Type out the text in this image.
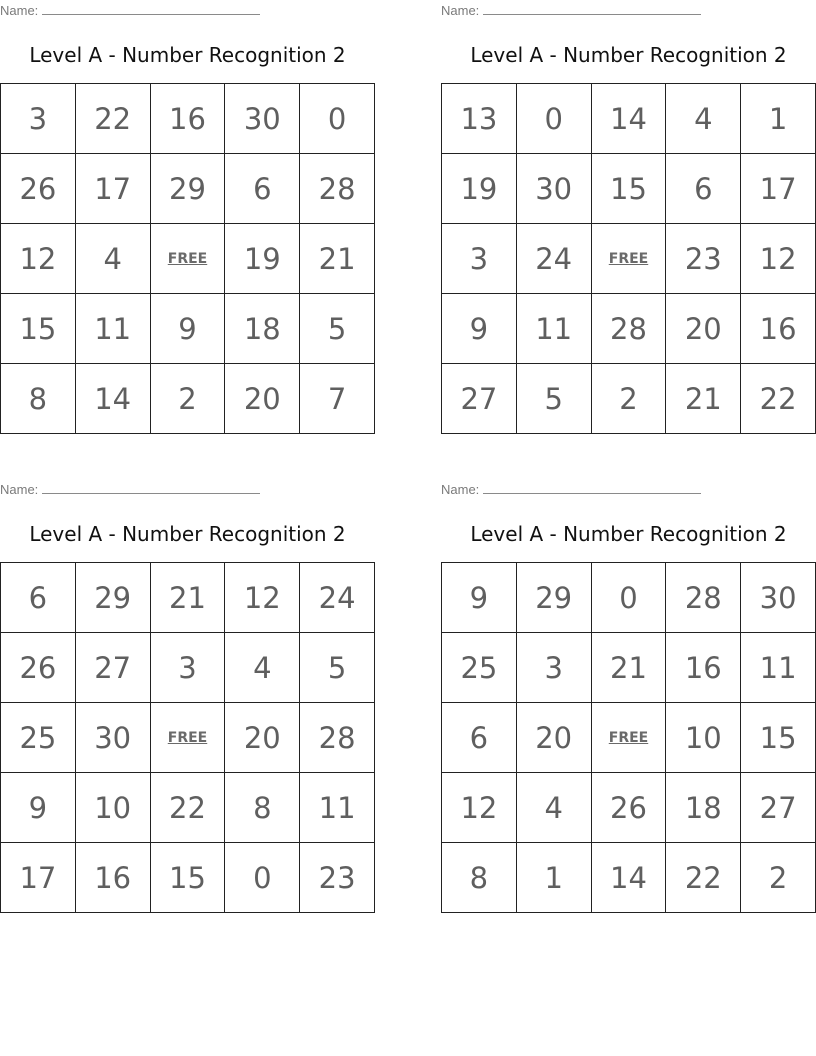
Name:
Level A - Number Recognition 2
3	22	16	30	0
26	17	29	6	28
12	4	FREE	19	21
15	11	9	18	5
8	14	2	20	7
Name:
Level A - Number Recognition 2
13	0	14	4	1
19	30	15	6	17
3	24	FREE	23	12
9	11	28	20	16
27	5	2	21	22
Name:
Level A - Number Recognition 2
6	29	21	12	24
26	27	3	4	5
25	30	FREE	20	28
9	10	22	8	11
17	16	15	0	23
Name:
Level A - Number Recognition 2
9	29	0	28	30
25	3	21	16	11
6	20	FREE	10	15
12	4	26	18	27
8	1	14	22	2
